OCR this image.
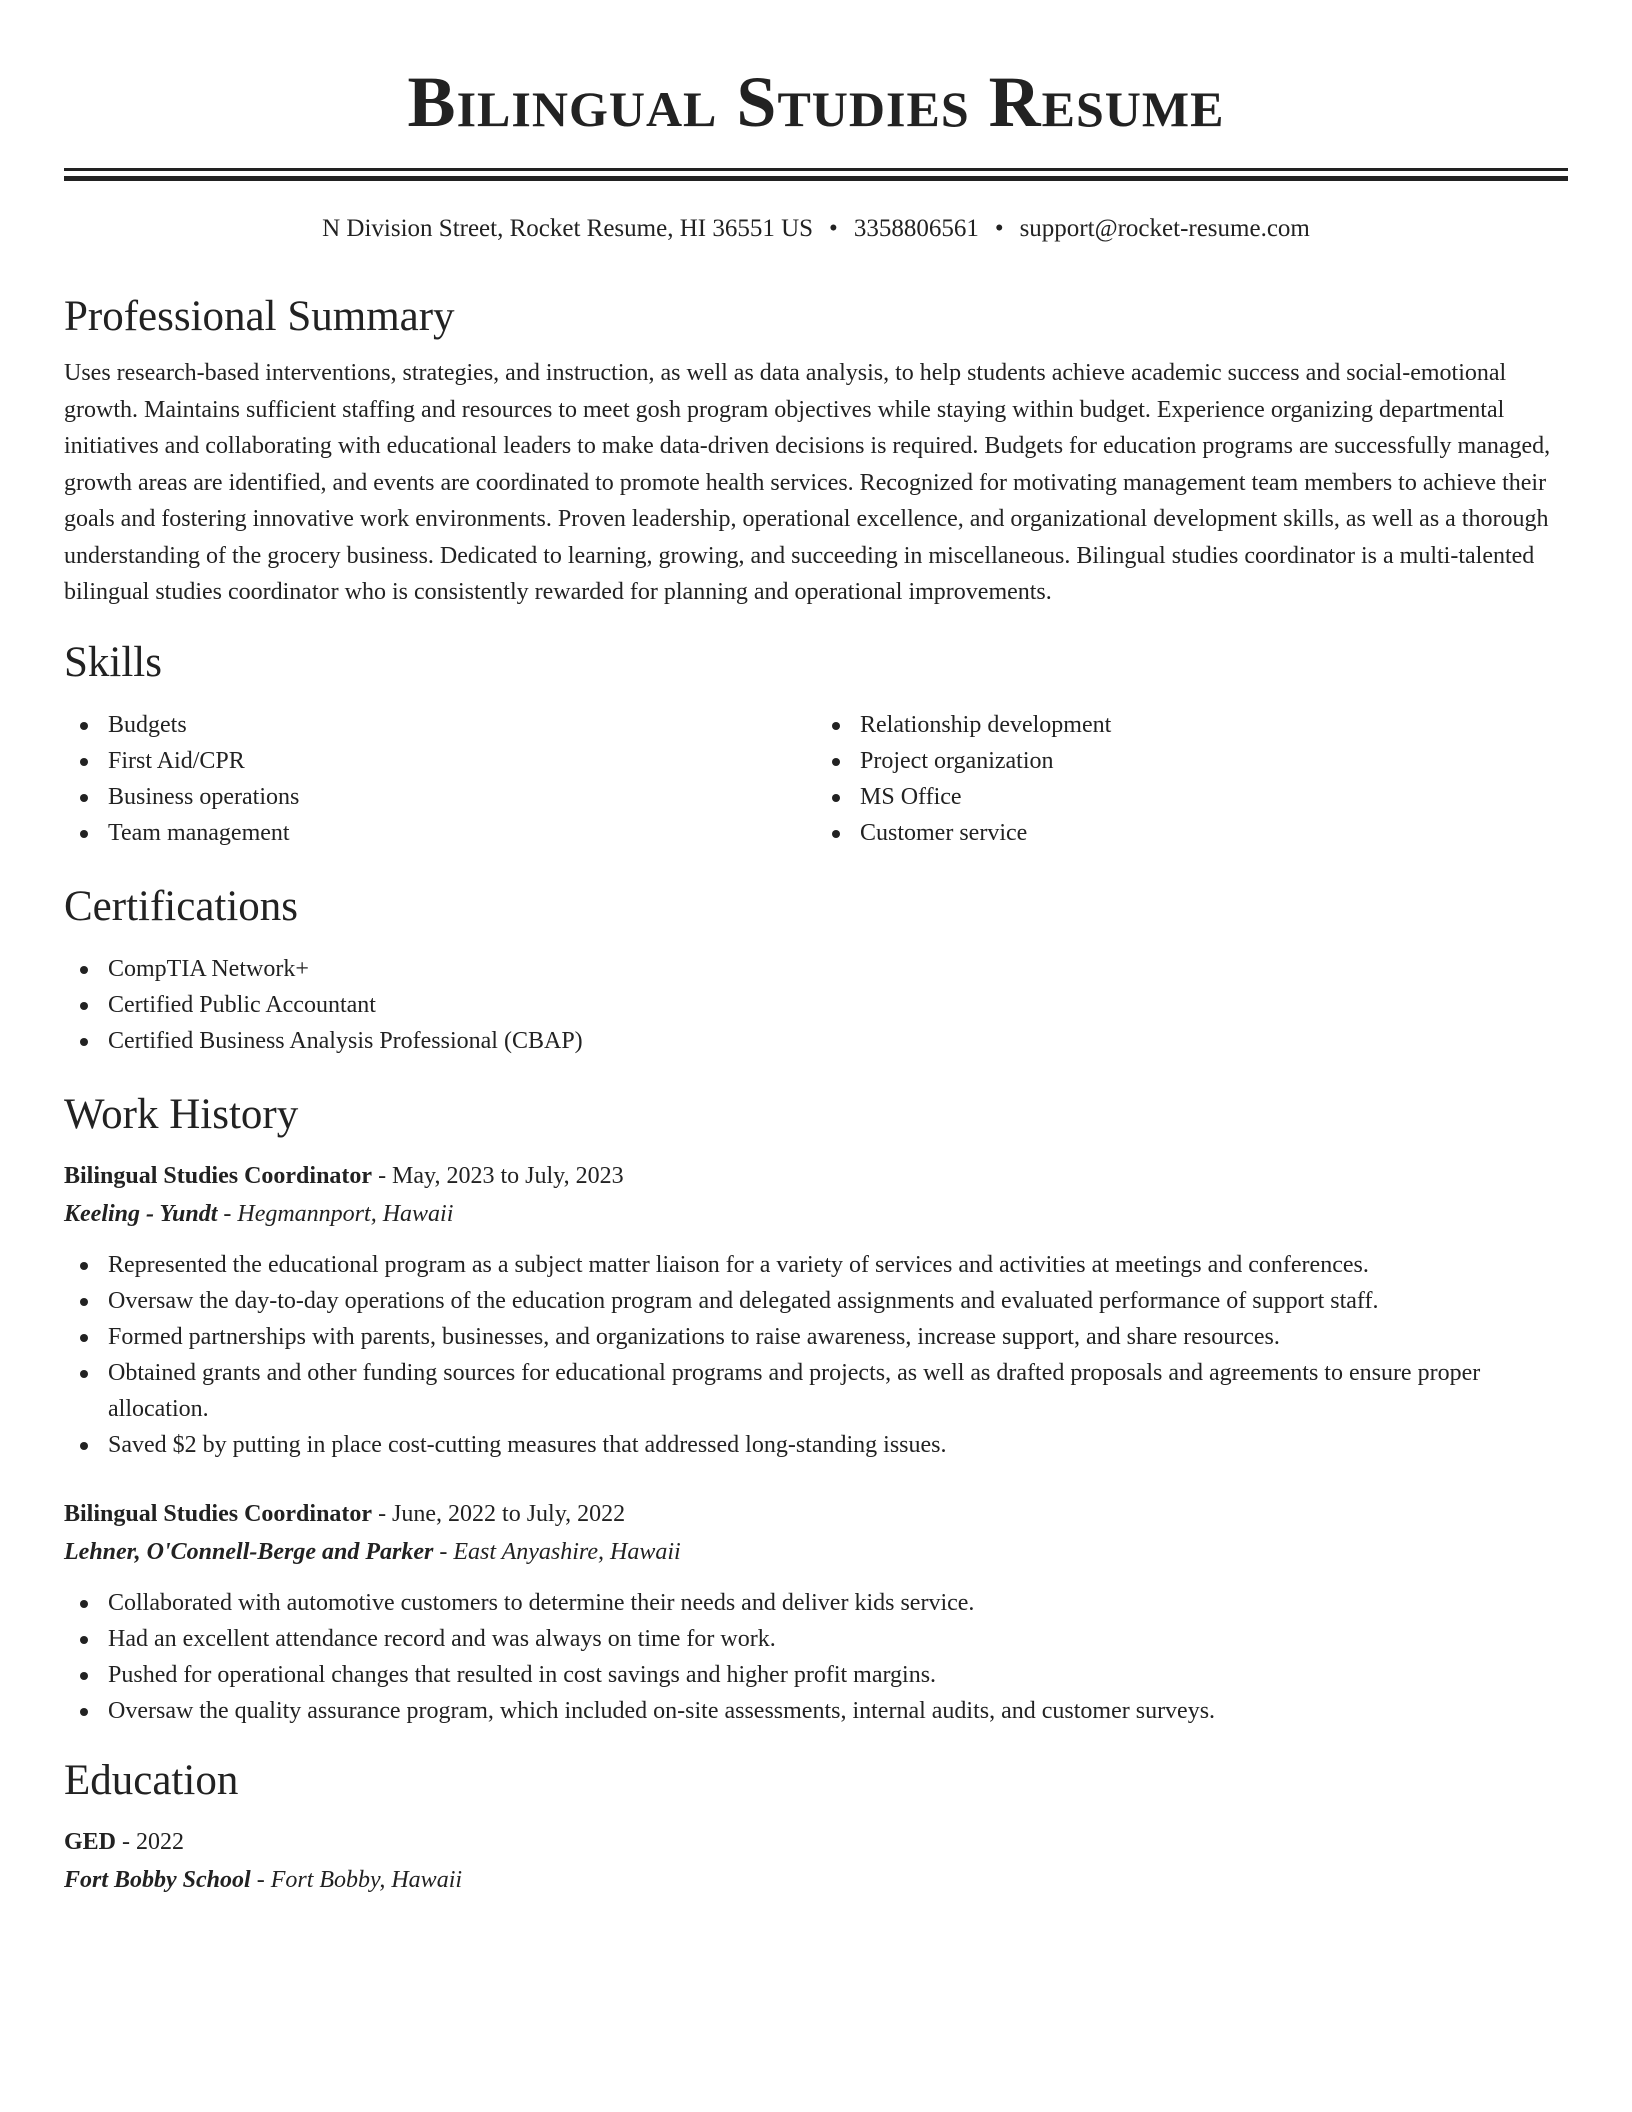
Bilingual Studies Resume
N Division Street, Rocket Resume, HI 36551 US • 3358806561 • support@rocket-resume.com
Professional Summary

Uses research-based interventions, strategies, and instruction, as well as data analysis, to help students achieve academic success and social-emotional growth. Maintains sufficient staffing and resources to meet gosh program objectives while staying within budget. Experience organizing departmental initiatives and collaborating with educational leaders to make data-driven decisions is required. Budgets for education programs are successfully managed, growth areas are identified, and events are coordinated to promote health services. Recognized for motivating management team members to achieve their goals and fostering innovative work environments. Proven leadership, operational excellence, and organizational development skills, as well as a thorough understanding of the grocery business. Dedicated to learning, growing, and succeeding in miscellaneous. Bilingual studies coordinator is a multi-talented bilingual studies coordinator who is consistently rewarded for planning and operational improvements.

Skills
Budgets
First Aid/CPR
Business operations
Team management
Relationship development
Project organization
MS Office
Customer service
Certifications
CompTIA Network+
Certified Public Accountant
Certified Business Analysis Professional (CBAP)
Work History
Bilingual Studies Coordinator - May, 2023 to July, 2023
Keeling - Yundt - Hegmannport, Hawaii
Represented the educational program as a subject matter liaison for a variety of services and activities at meetings and conferences.
Oversaw the day-to-day operations of the education program and delegated assignments and evaluated performance of support staff.
Formed partnerships with parents, businesses, and organizations to raise awareness, increase support, and share resources.
Obtained grants and other funding sources for educational programs and projects, as well as drafted proposals and agreements to ensure proper allocation.
Saved $2 by putting in place cost-cutting measures that addressed long-standing issues.
Bilingual Studies Coordinator - June, 2022 to July, 2022
Lehner, O'Connell-Berge and Parker - East Anyashire, Hawaii
Collaborated with automotive customers to determine their needs and deliver kids service.
Had an excellent attendance record and was always on time for work.
Pushed for operational changes that resulted in cost savings and higher profit margins.
Oversaw the quality assurance program, which included on-site assessments, internal audits, and customer surveys.
Education
GED - 2022
Fort Bobby School - Fort Bobby, Hawaii
